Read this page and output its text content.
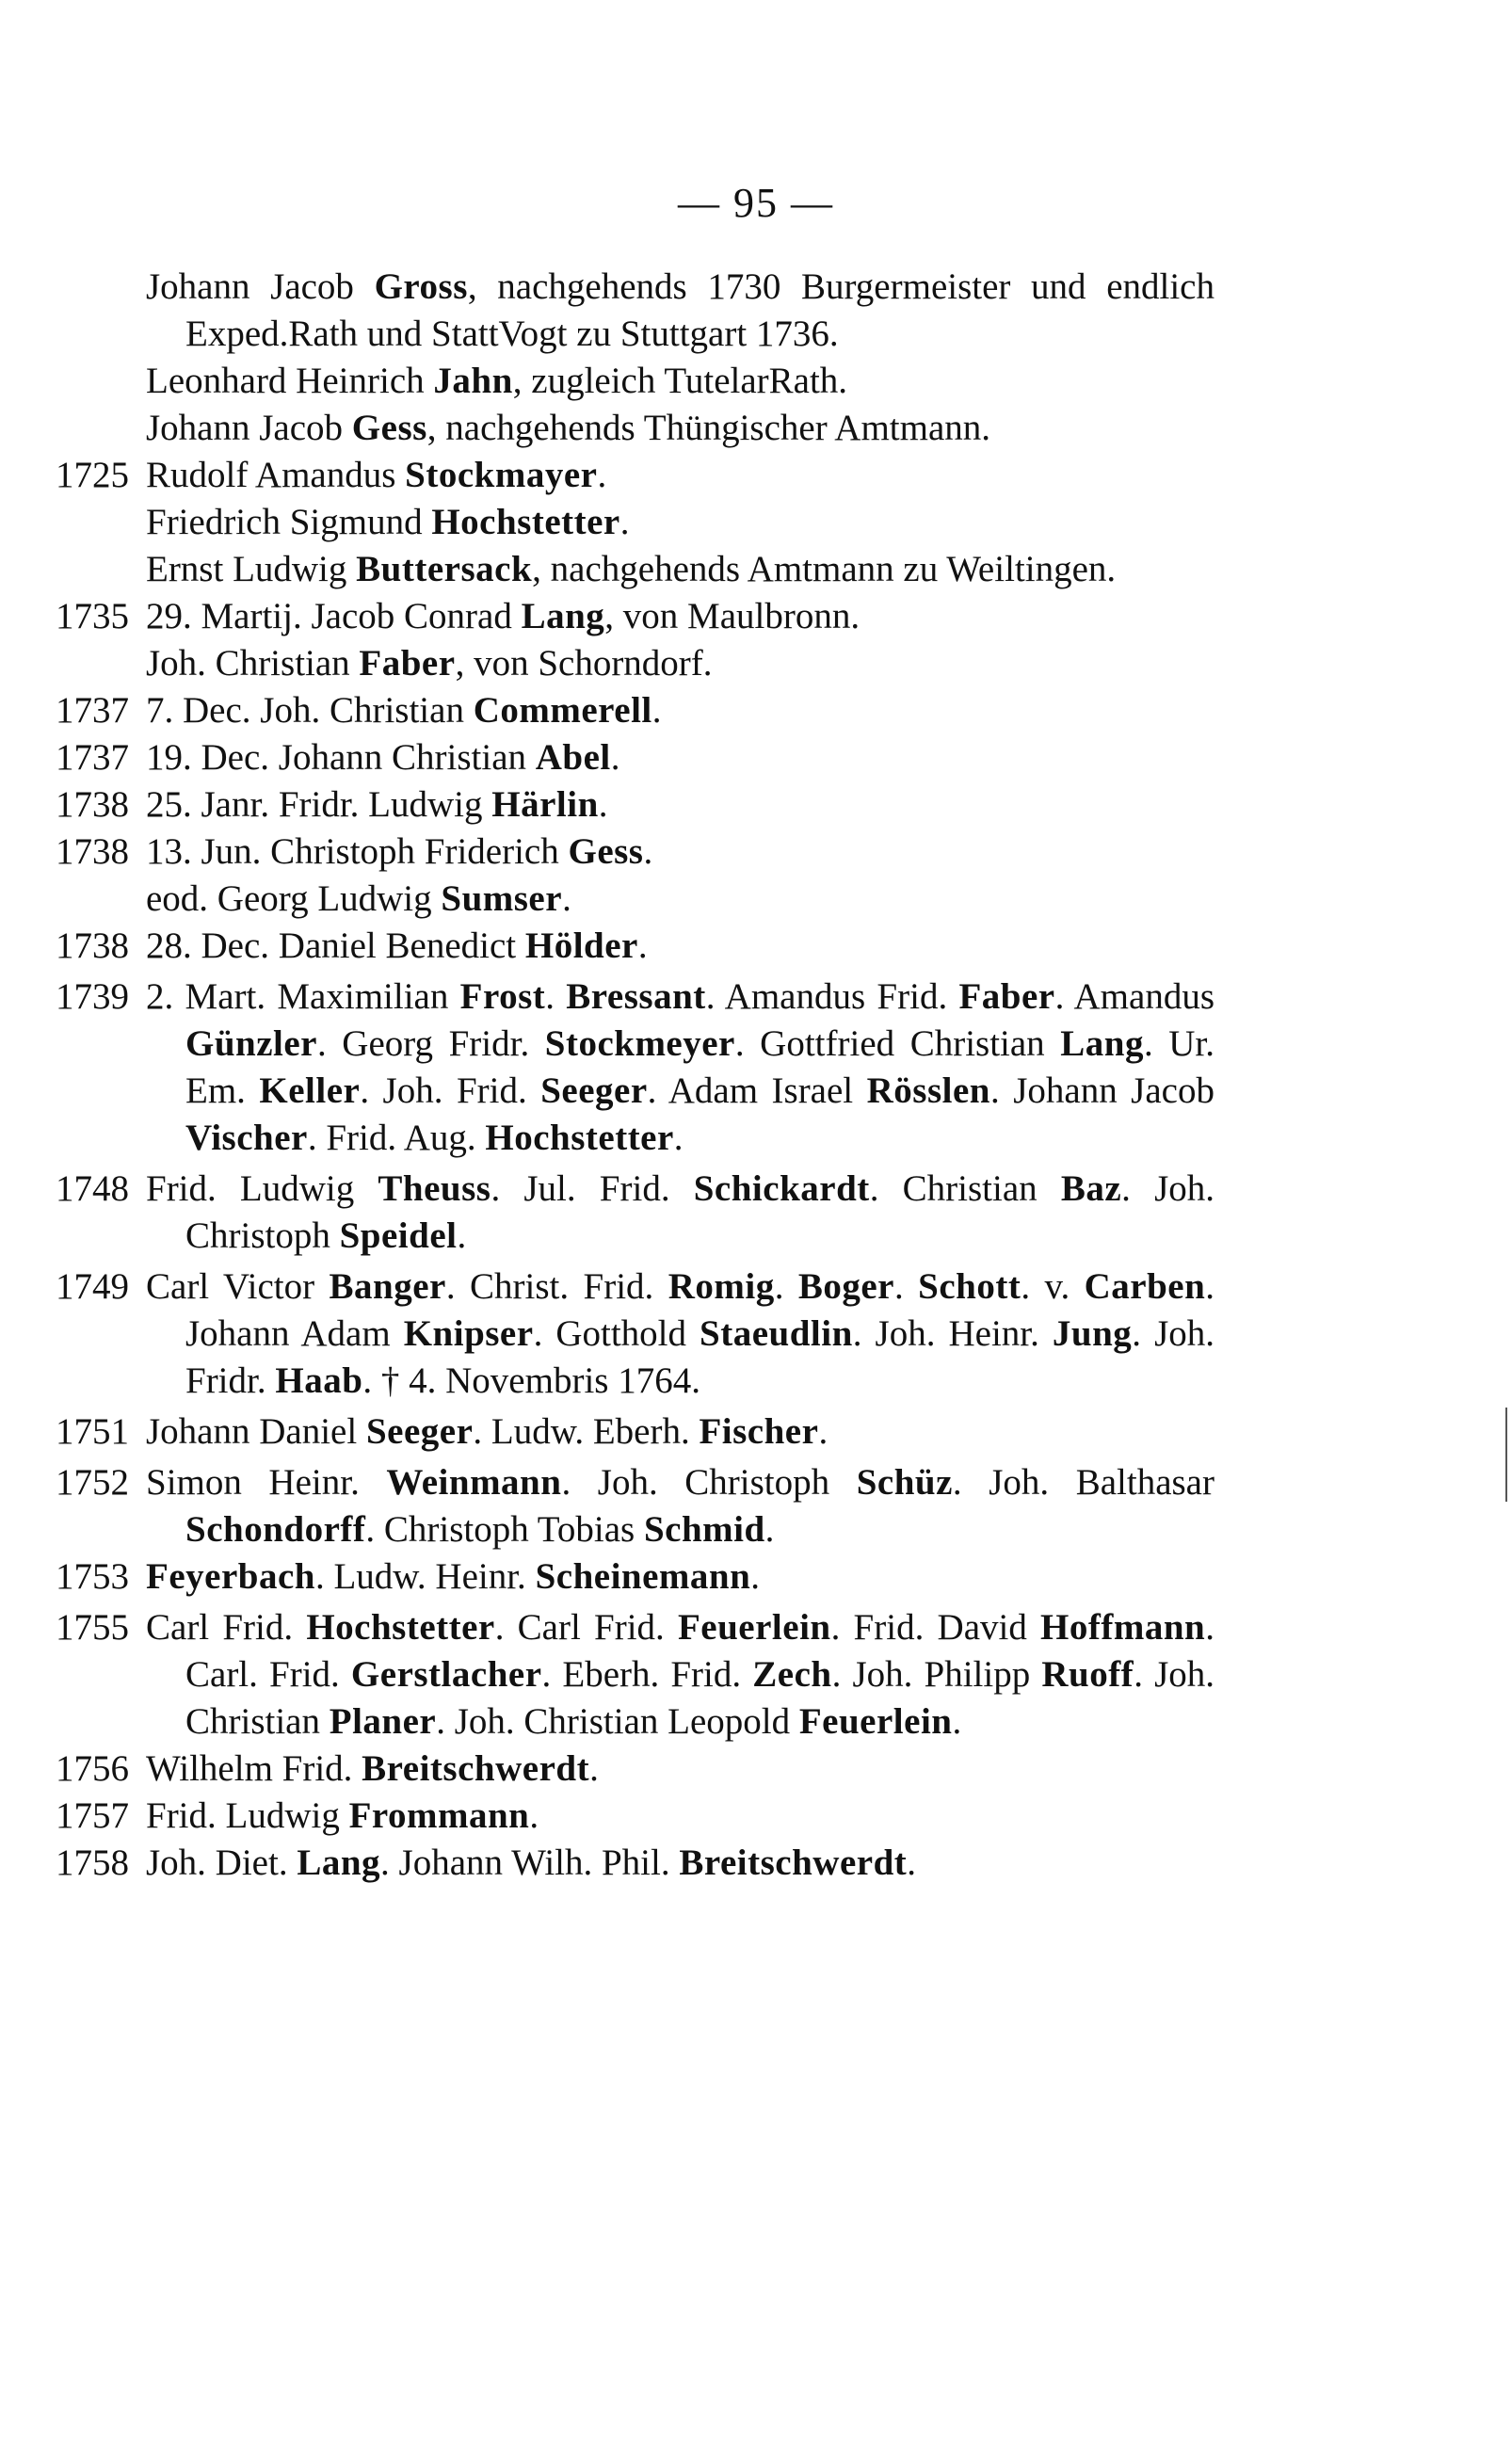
— 95 —
Johann Jacob Gross, nachgehends 1730 Burgermeister und endlich Exped.Rath und StattVogt zu Stuttgart 1736.
Leonhard Heinrich Jahn, zugleich TutelarRath.
Johann Jacob Gess, nachgehends Thüngischer Amtmann.
1725 Rudolf Amandus Stockmayer.
Friedrich Sigmund Hochstetter.
Ernst Ludwig Buttersack, nachgehends Amtmann zu Weiltingen.
1735 29. Martij. Jacob Conrad Lang, von Maulbronn.
Joh. Christian Faber, von Schorndorf.
1737 7. Dec. Joh. Christian Commerell.
1737 19. Dec. Johann Christian Abel.
1738 25. Janr. Fridr. Ludwig Härlin.
1738 13. Jun. Christoph Friderich Gess.
eod. Georg Ludwig Sumser.
1738 28. Dec. Daniel Benedict Hölder.
1739 2. Mart. Maximilian Frost. Bressant. Amandus Frid. Faber. Amandus Günzler. Georg Fridr. Stockmeyer. Gottfried Christian Lang. Ur. Em. Keller. Joh. Frid. Seeger. Adam Israel Rösslen. Johann Jacob Vischer. Frid. Aug. Hochstetter.
1748 Frid. Ludwig Theuss. Jul. Frid. Schickardt. Christian Baz. Joh. Christoph Speidel.
1749 Carl Victor Banger. Christ. Frid. Romig. Boger. Schott. v. Carben. Johann Adam Knipser. Gotthold Staeudlin. Joh. Heinr. Jung. Joh. Fridr. Haab. † 4. Novembris 1764.
1751 Johann Daniel Seeger. Ludw. Eberh. Fischer.
1752 Simon Heinr. Weinmann. Joh. Christoph Schüz. Joh. Balthasar Schondorff. Christoph Tobias Schmid.
1753 Feyerbach. Ludw. Heinr. Scheinemann.
1755 Carl Frid. Hochstetter. Carl Frid. Feuerlein. Frid. David Hoffmann. Carl. Frid. Gerstlacher. Eberh. Frid. Zech. Joh. Philipp Ruoff. Joh. Christian Planer. Joh. Christian Leopold Feuerlein.
1756 Wilhelm Frid. Breitschwerdt.
1757 Frid. Ludwig Frommann.
1758 Joh. Diet. Lang. Johann Wilh. Phil. Breitschwerdt.
